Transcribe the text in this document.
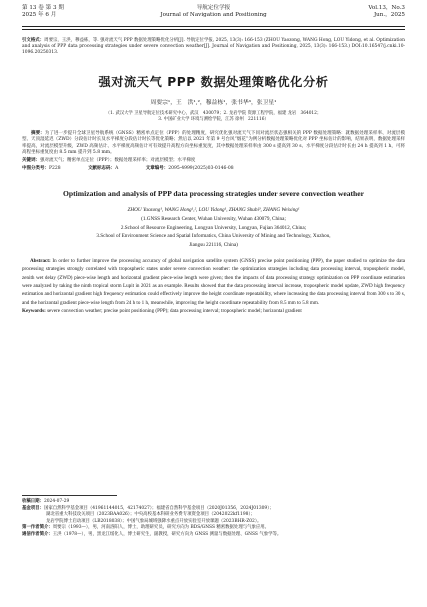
第 13 卷 第 3 期
2025 年 6 月
导航定位学报
Journal of Navigation and Positioning
Vol.13，No.3
Jun.，2025
引文格式：周要宗，王洪，穆益栋，等. 强对流天气 PPP 数据处理策略优化分析[J]. 导航定位学报, 2025, 13(3): 166-153 (ZHOU Yaozong, WANG Hong, LOU Yidong, et al. Optimization and analysis of PPP data processing strategies under severe convection weather[J]. Journal of Navigation and Positioning, 2025, 13(3): 166-153.) DOI:10.16547/j.cnki.10-1096.20250313.
强对流天气 PPP 数据处理策略优化分析
周要宗¹，王　洪¹,²，穆益栋¹，张书华³，张卫星¹
（1. 武汉大学 卫星导航定位技术研究中心，武汉　430079；2. 龙岩学院 资源工程学院，福建 龙岩　364012；
3. 中国矿业大学 环境与测绘学院，江苏 徐州　221116）
摘要：为了进一步提升全球卫星导航系统（GNSS）精密单点定位（PPP）的处理精度，研究优化强对流天气下同对流层状态强相关的 PPP 数据处理策略：就数据处理采样率、对流层模型、天顶湿延迟（ZWD）分段估计时长及水平梯度分段估计时长等优化策略；然后以 2021 年第 9 号台风“烟花”为例分析数据处理策略优化对 PPP 坐标估计的影响，结果表明，数据处理采样率提高，对流层模型升级，ZWD 高频估计、水平梯度高频估计可有效提升高程方向坐标重复度，其中数据处理采样率由 300 s 提高到 30 s、水平梯度分段估计时长由 24 h 提高到 1 h，可将高程坐标重复度由 8.5 mm 提升到 5.8 mm。
关键词：强对流天气；精密单点定位（PPP）；数据处理采样率；对流层模型；水平梯度
中图分类号：P228	文献标志码：A	文章编号：2095-4999(2025)03-0146-08
Optimization and analysis of PPP data processing strategies under severe convection weather
ZHOU Yaozong¹, WANG Hong¹,², LOU Yidong¹, ZHANG Shubi³, ZHANG Weixing¹
(1.GNSS Research Center, Wuhan University, Wuhan 430079, China;
2.School of Resource Engineering, Longyan University, Longyan, Fujian 364012, China;
3.School of Environment Science and Spatial Informatics, China University of Mining and Technology, Xuzhou,
Jiangsu 221116, China)
Abstract: In order to further improve the processing accuracy of global navigation satellite system (GNSS) precise point positioning (PPP), the paper studied to optimize the data processing strategies strongly correlated with tropospheric states under severe convection weather: the optimization strategies including data processing interval, tropospheric model, zenith wet delay (ZWD) piece-wise length and horizontal gradient piece-wise length were given; then the impacts of data processing strategy optimization on PPP coordinate estimation were analyzed by taking the ninth tropical storm Lupit in 2021 as an example. Results showed that the data processing interval increase, tropospheric model update, ZWD high frequency estimation and horizontal gradient high frequency estimation could effectively improve the height coordinate repeatability, where increasing the data processing interval from 300 s to 30 s, and the horizontal gradient piece-wise length from 24 h to 1 h, meanwhile, improving the height coordinate repeatability from 8.5 mm to 5.8 mm.
Keywords: severe convection weather; precise point positioning (PPP); data processing interval; tropospheric model; horizontal gradient
收稿日期：2024-07-29
基金项目：国家自然科学基金项目（41961144015，42174027）；福建省自然科学基金项目（2020J01356，2024J01309）；
湖北省重大科技攻关项目（2023BAA026）；中央高校基本科研业务费专项资金项目（2042022kf1198）；
龙岩学院博士启动项目（LB2018038）；中国气象局城域强降水重点开放实验室开放课题（2023BHR-Z02）。
第一作者简介：周要宗（1993—），男，河南洛阳人，博士，助理研究员，研究方向为 BDS/GNSS 精密数据处理与气象应用。
通信作者简介：王洪（1978—），男，黑龙江绥化人，博士研究生，副教授，研究方向为 GNSS 测量与数据处理、GNSS 气象学等。
